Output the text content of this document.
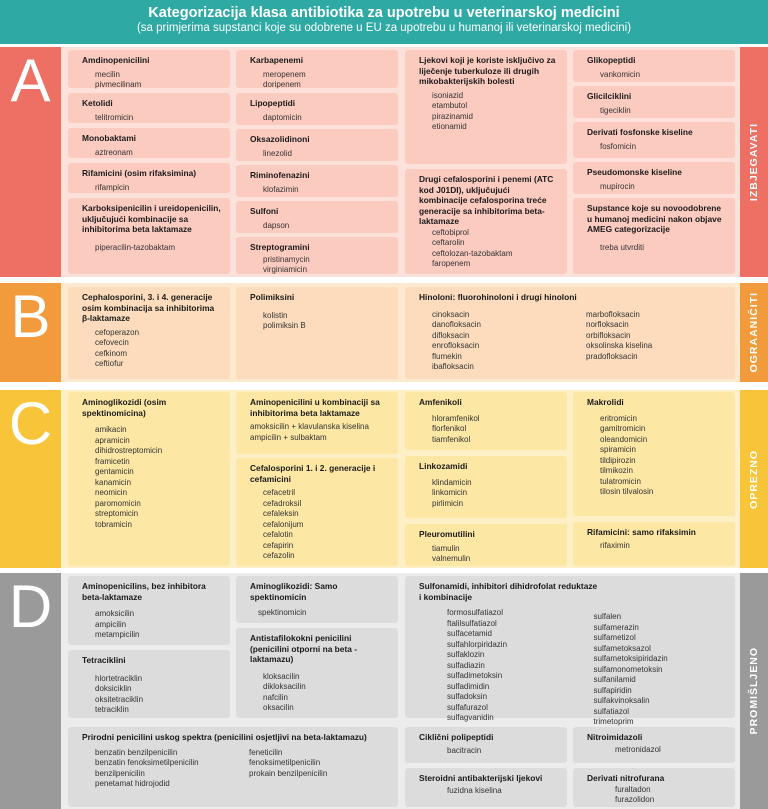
Kategorizacija klasa antibiotika za upotrebu u veterinarskoj medicini
(sa primjerima supstanci koje su odobrene u EU za upotrebu u humanoj ili veterinarskoj medicini)
A
IZBJEGAVATI
Amdinopenicilini
mecilin
pivmecilinam
Ketolidi
telitromicin
Monobaktami
aztreonam
Rifamicini (osim rifaksimina)
rifampicin
Karboksipenicilin i ureidopenicilin, uključujući kombinacije sa inhibitorima beta laktamaze
piperacilin-tazobaktam
Karbapenemi
meropenem
doripenem
Lipopeptidi
daptomicin
Oksazolidinoni
linezolid
Riminofenazini
klofazimin
Sulfoni
dapson
Streptogramini
pristinamycin
virginiamicin
Ljekovi koji je koriste isključivo za liječenje tuberkuloze ili drugih mikobakterijskih bolesti
isoniazid
etambutol
pirazinamid
etionamid
Drugi cefalosporini i penemi (ATC kod J01DI), uključujući kombinacije cefalosporina treće generacije sa inhibitorima beta- laktamaze
ceftobiprol
ceftarolin
ceftolozan-tazobaktam
faropenem
Glikopeptidi
vankomicin
Glicilciklini
tigeciklin
Derivati fosfonske kiseline
fosfomicin
Pseudomonske kiseline
mupirocin
Supstance koje su novoodobrene u humanoj medicini nakon objave AMEG categorizacije
treba utvrditi
B	OGRAANIČITI
Cephalosporini, 3. i 4. generacije osim kombinacija sa inhibitorima β-laktamaze
cefoperazon
cefovecin
cefkinom
ceftiofur
Polimiksini
kolistin
polimiksin B
Hinoloni: fluorohinoloni i drugi hinoloni
cinoksacin
danofloksacin
difloksacin
enrofloksacin
flumekin
ibafloksacin
marbofloksacin
norfloksacin
orbifloksacin
oksolinska kiselina
pradofloksacin
C
OPREZNO
Aminoglikozidi (osim spektinomicina)
amikacin
apramicin
dihidrostreptomicin
framicetin
gentamicin
kanamicin
neomicin
paromomicin
streptomicin
tobramicin
Aminopenicilini u kombinaciji sa inhibitorima beta laktamaze
amoksicilin + klavulanska kiselina
ampicilin + sulbaktam
Cefalosporini 1. i 2. generacije i cefamicini
cefacetril
cefadroksil
cefaleksin
cefalonijum
cefalotin
cefapirin
cefazolin
Amfenikoli
hloramfenikol
florfenikol
tiamfenikol
Linkozamidi
klindamicin
linkomicin
pirlimicin
Pleuromutilini
tiamulin
valnemulin
Makrolidi
eritromicin
gamitromicin
oleandomicin
spiramicin
tildipirozin
tilmikozin
tulatromicin
tilosin tilvalosin
Rifamicini: samo rifaksimin
rifaximin
D
PROMIŠLJENO
Aminopenicilins, bez inhibitora beta-laktamaze
amoksicilin
ampicilin
metampicilin
Tetraciklini
hlortetraciklin
doksiciklin
oksitetraciklin
tetraciklin
Aminoglikozidi: Samo spektinomicin
spektinomicin
Antistafilokokni penicilini (penicilini otporni na beta - laktamazu)
kloksacilin
dikloksacilin
nafcilin
oksacilin
Sulfonamidi, inhibitori dihidrofolat reduktaze i kombinacije
formosulfatiazol
ftalilsulfatiazol
sulfacetamid
sulfahlorpiridazin
sulfaklozin
sulfadiazin
sulfadimetoksin
sulfadimidin
sulfadoksin
sulfafurazol
sulfagvanidin
sulfalen
sulfamerazin
sulfametizol
sulfametoksazol
sulfametoksipiridazin
sulfamonometoksin
sulfanilamid
sulfapiridin
sulfakvinoksalin
sulfatiazol
trimetoprim
Prirodni penicilini uskog spektra (penicilini osjetljivi na beta-laktamazu)
benzatin benzilpenicilin
benzatin fenoksimetilpenicilin
benzilpenicilin
penetamat hidrojodid
feneticilin
fenoksimetilpenicilin
prokain benzilpenicilin
Ciklični polipeptidi
bacitracin
Steroidni antibakterijski ljekovi
fuzidna kiselina
Nitroimidazoli
metronidazol
Derivati nitrofurana
furaltadon
furazolidon
